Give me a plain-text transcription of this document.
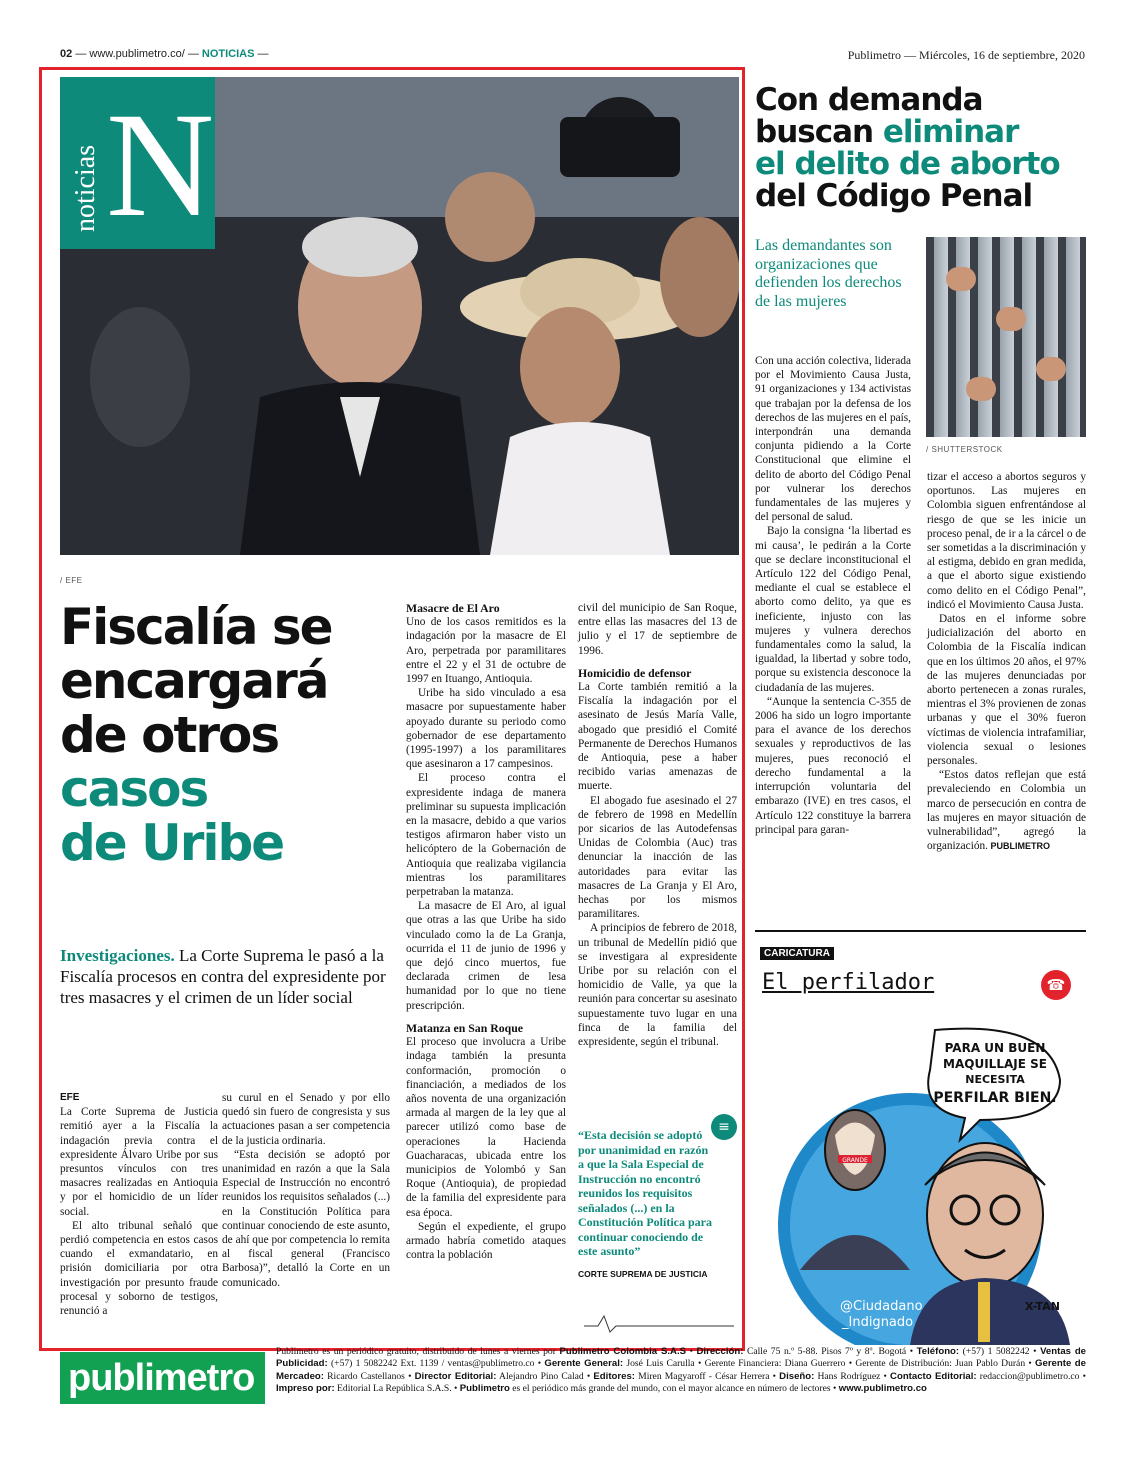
02 — www.publimetro.co/ — NOTICIAS —	Publimetro — Miércoles, 16 de septiembre, 2020
noticias N
/ EFE
Fiscalía se
encargará
de otros
casos
de Uribe
Investigaciones. La Corte Suprema le pasó a la Fiscalía procesos en contra del expresidente por tres masacres y el crimen de un líder social
EFE

La Corte Suprema de Justicia remitió ayer a la Fiscalía la indagación previa contra el expresidente Álvaro Uribe por sus presuntos vínculos con tres masacres realizadas en Antioquia y por el homicidio de un líder social.

El alto tribunal señaló que perdió competencia en estos casos cuando el exmandatario, en prisión domiciliaria por otra investigación por presunto fraude procesal y soborno de testigos, renunció a

su curul en el Senado y por ello quedó sin fuero de congresista y sus actuaciones pasan a ser competencia de la justicia ordinaria.

“Esta decisión se adoptó por unanimidad en razón a que la Sala Especial de Instrucción no encontró reunidos los requisitos señalados (...) en la Constitución Política para continuar conociendo de este asunto, de ahí que por competencia lo remita al fiscal general (Francisco Barbosa)”, detalló la Corte en un comunicado.

Masacre de El Aro

Uno de los casos remitidos es la indagación por la masacre de El Aro, perpetrada por paramilitares entre el 22 y el 31 de octubre de 1997 en Ituango, Antioquia.

Uribe ha sido vinculado a esa masacre por supuestamente haber apoyado durante su periodo como gobernador de ese departamento (1995-1997) a los paramilitares que asesinaron a 17 campesinos.

El proceso contra el expresidente indaga de manera preliminar su supuesta implicación en la masacre, debido a que varios testigos afirmaron haber visto un helicóptero de la Gobernación de Antioquia que realizaba vigilancia mientras los paramilitares perpetraban la matanza.

La masacre de El Aro, al igual que otras a las que Uribe ha sido vinculado como la de La Granja, ocurrida el 11 de junio de 1996 y que dejó cinco muertos, fue declarada crimen de lesa humanidad por lo que no tiene prescripción.

Matanza en San Roque

El proceso que involucra a Uribe indaga también la presunta conformación, promoción o financiación, a mediados de los años noventa de una organización armada al margen de la ley que al parecer utilizó como base de operaciones la Hacienda Guacharacas, ubicada entre los municipios de Yolombó y San Roque (Antioquia), de propiedad de la familia del expresidente para esa época.

Según el expediente, el grupo armado habría cometido ataques contra la población

civil del municipio de San Roque, entre ellas las masacres del 13 de julio y el 17 de septiembre de 1996.

Homicidio de defensor

La Corte también remitió a la Fiscalía la indagación por el asesinato de Jesús María Valle, abogado que presidió el Comité Permanente de Derechos Humanos de Antioquia, pese a haber recibido varias amenazas de muerte.

El abogado fue asesinado el 27 de febrero de 1998 en Medellín por sicarios de las Autodefensas Unidas de Colombia (Auc) tras denunciar la inacción de las autoridades para evitar las masacres de La Granja y El Aro, hechas por los mismos paramilitares.

A principios de febrero de 2018, un tribunal de Medellín pidió que se investigara al expresidente Uribe por su relación con el homicidio de Valle, ya que la reunión para concertar su asesinato supuestamente tuvo lugar en una finca de la familia del expresidente, según el tribunal.

≡
“Esta decisión se adoptó por unanimidad en razón a que la Sala Especial de Instrucción no encontró reunidos los requisitos señalados (...) en la Constitución Política para continuar conociendo de este asunto”
CORTE SUPREMA DE JUSTICIA
Con demanda
buscan eliminar
el delito de aborto
del Código Penal
Las demandantes son organizaciones que defienden los derechos de las mujeres
/ SHUTTERSTOCK

Con una acción colectiva, liderada por el Movimiento Causa Justa, 91 organizaciones y 134 activistas que trabajan por la defensa de los derechos de las mujeres en el país, interpondrán una demanda conjunta pidiendo a la Corte Constitucional que elimine el delito de aborto del Código Penal por vulnerar los derechos fundamentales de las mujeres y del personal de salud.

Bajo la consigna ‘la libertad es mi causa’, le pedirán a la Corte que se declare inconstitucional el Artículo 122 del Código Penal, mediante el cual se establece el aborto como delito, ya que es ineficiente, injusto con las mujeres y vulnera derechos fundamentales como la salud, la igualdad, la libertad y sobre todo, porque su existencia desconoce la ciudadanía de las mujeres.

“Aunque la sentencia C-355 de 2006 ha sido un logro importante para el avance de los derechos sexuales y reproductivos de las mujeres, pues reconoció el derecho fundamental a la interrupción voluntaria del embarazo (IVE) en tres casos, el Artículo 122 constituye la barrera principal para garan-

tizar el acceso a abortos seguros y oportunos. Las mujeres en Colombia siguen enfrentándose al riesgo de que se les inicie un proceso penal, de ir a la cárcel o de ser sometidas a la discriminación y al estigma, debido en gran medida, a que el aborto sigue existiendo como delito en el Código Penal”, indicó el Movimiento Causa Justa.

Datos en el informe sobre judicialización del aborto en Colombia de la Fiscalía indican que en los últimos 20 años, el 97% de las mujeres denunciadas por aborto pertenecen a zonas rurales, mientras el 3% provienen de zonas urbanas y que el 30% fueron víctimas de violencia intrafamiliar, violencia sexual o lesiones personales.

“Estos datos reflejan que está prevaleciendo en Colombia un marco de persecución en contra de las mujeres en mayor situación de vulnerabilidad”, agregó la organización. PUBLIMETRO

CARICATURA
El perfilador	☎
PARA UN BUEN
MAQUILLAJE SE
NECESITA
PERFILAR BIEN.
GRANDE
@Ciudadano
_Indignado
X-TAN
publimetro
Publimetro es un periódico gratuito, distribuido de lunes a viernes por Publimetro Colombia S.A.S • Dirección: Calle 75 n.º 5-88. Pisos 7º y 8º. Bogotá • Teléfono: (+57) 1 5082242 • Ventas de Publicidad: (+57) 1 5082242 Ext. 1139 / ventas@publimetro.co • Gerente General: José Luis Carulla • Gerente Financiera: Diana Guerrero • Gerente de Distribución: Juan Pablo Durán • Gerente de Mercadeo: Ricardo Castellanos • Director Editorial: Alejandro Pino Calad • Editores: Miren Magyaroff - César Herrera • Diseño: Hans Rodríguez • Contacto Editorial: redaccion@publimetro.co • Impreso por: Editorial La República S.A.S. • Publimetro es el periódico más grande del mundo, con el mayor alcance en número de lectores • www.publimetro.co
